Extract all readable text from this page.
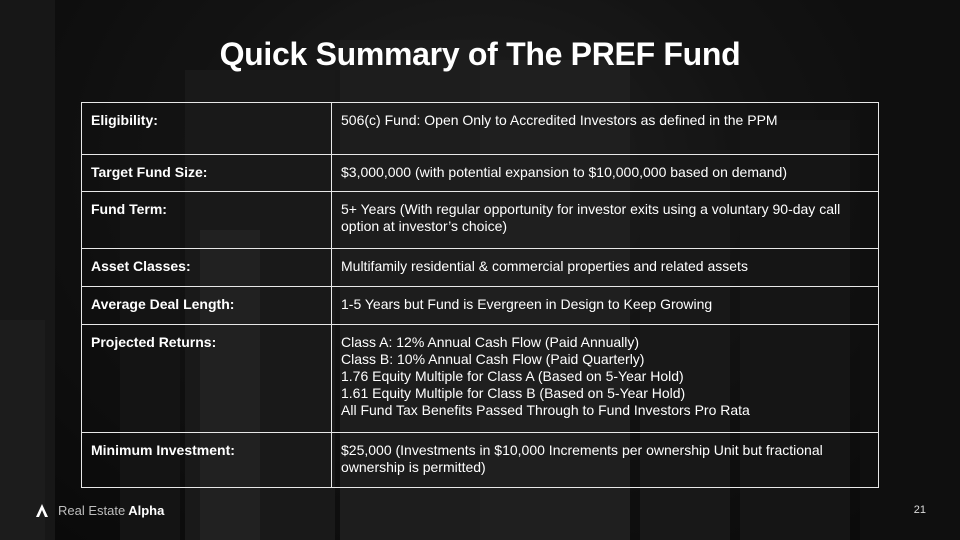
Quick Summary of The PREF Fund
Eligibility:	506(c) Fund: Open Only to Accredited Investors as defined in the PPM

Target Fund Size:	$3,000,000 (with potential expansion to $10,000,000 based on demand)

Fund Term:	5+ Years (With regular opportunity for investor exits using a voluntary 90-day call option at investor’s choice)

Asset Classes:	Multifamily residential & commercial properties and related assets

Average Deal Length:	1-5 Years but Fund is Evergreen in Design to Keep Growing

Projected Returns:	Class A: 12% Annual Cash Flow (Paid Annually)
Class B: 10% Annual Cash Flow (Paid Quarterly)
1.76 Equity Multiple for Class A (Based on 5-Year Hold)
1.61 Equity Multiple for Class B (Based on 5-Year Hold)
All Fund Tax Benefits Passed Through to Fund Investors Pro Rata

Minimum Investment:	$25,000 (Investments in $10,000 Increments per ownership Unit but fractional ownership is permitted)
Real Estate Alpha	21
